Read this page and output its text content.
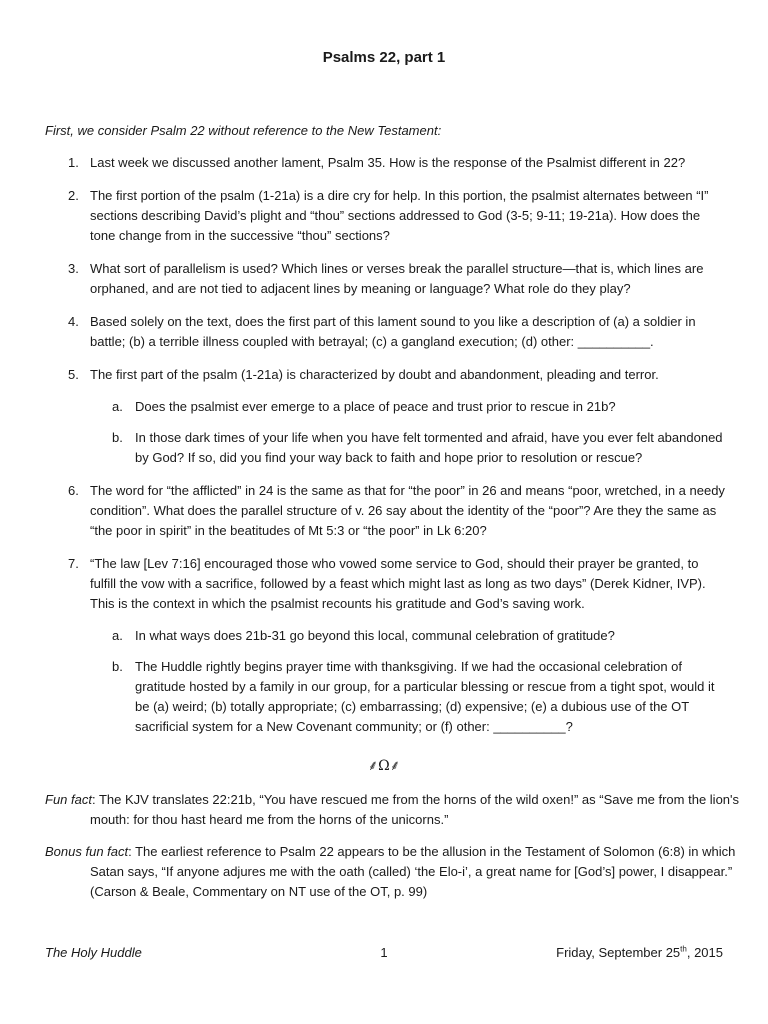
Psalms 22, part 1
First, we consider Psalm 22 without reference to the New Testament:
1. Last week we discussed another lament, Psalm 35. How is the response of the Psalmist different in 22?
2. The first portion of the psalm (1-21a) is a dire cry for help. In this portion, the psalmist alternates between “I” sections describing David’s plight and “thou” sections addressed to God (3-5; 9-11; 19-21a). How does the tone change from in the successive “thou” sections?
3. What sort of parallelism is used? Which lines or verses break the parallel structure—that is, which lines are orphaned, and are not tied to adjacent lines by meaning or language? What role do they play?
4. Based solely on the text, does the first part of this lament sound to you like a description of (a) a soldier in battle; (b) a terrible illness coupled with betrayal; (c) a gangland execution; (d) other: __________.
5. The first part of the psalm (1-21a) is characterized by doubt and abandonment, pleading and terror.
a. Does the psalmist ever emerge to a place of peace and trust prior to rescue in 21b?
b. In those dark times of your life when you have felt tormented and afraid, have you ever felt abandoned by God? If so, did you find your way back to faith and hope prior to resolution or rescue?
6. The word for “the afflicted” in 24 is the same as that for “the poor” in 26 and means “poor, wretched, in a needy condition”. What does the parallel structure of v. 26 say about the identity of the “poor”? Are they the same as “the poor in spirit” in the beatitudes of Mt 5:3 or “the poor” in Lk 6:20?
7. “The law [Lev 7:16] encouraged those who vowed some service to God, should their prayer be granted, to fulfill the vow with a sacrifice, followed by a feast which might last as long as two days” (Derek Kidner, IVP). This is the context in which the psalmist recounts his gratitude and God’s saving work.
a. In what ways does 21b-31 go beyond this local, communal celebration of gratitude?
b. The Huddle rightly begins prayer time with thanksgiving. If we had the occasional celebration of gratitude hosted by a family in our group, for a particular blessing or rescue from a tight spot, would it be (a) weird; (b) totally appropriate; (c) embarrassing; (d) expensive; (e) a dubious use of the OT sacrificial system for a New Covenant community; or (f) other: __________?
⸙Ω⸙
Fun fact: The KJV translates 22:21b, “You have rescued me from the horns of the wild oxen!” as “Save me from the lion's mouth: for thou hast heard me from the horns of the unicorns.”
Bonus fun fact: The earliest reference to Psalm 22 appears to be the allusion in the Testament of Solomon (6:8) in which Satan says, “If anyone adjures me with the oath (called) ‘the Elo-i’, a great name for [God’s] power, I disappear.” (Carson & Beale, Commentary on NT use of the OT, p. 99)
The Holy Huddle	1	Friday, September 25th, 2015
